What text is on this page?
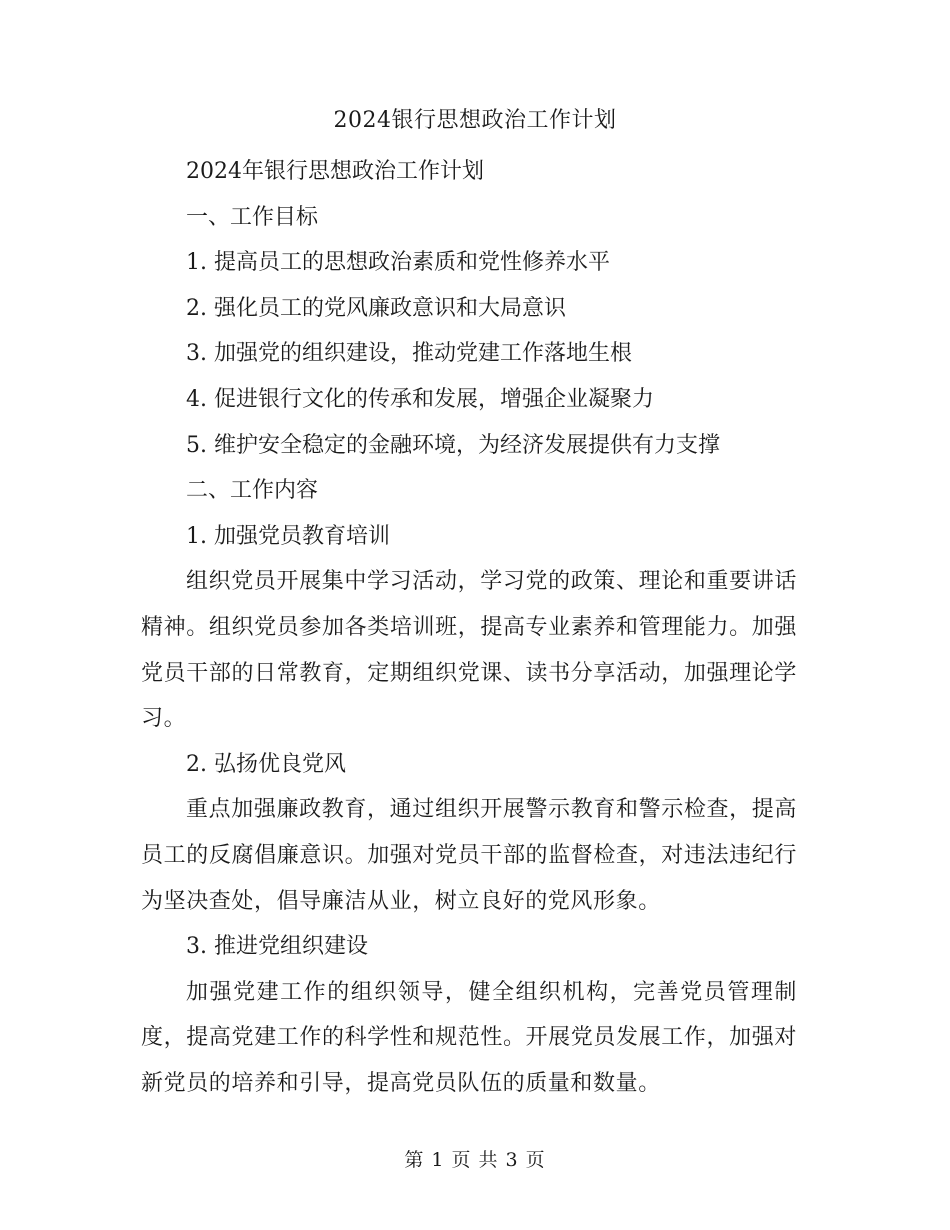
2024银行思想政治工作计划

2024年银行思想政治工作计划

一、工作目标

1. 提高员工的思想政治素质和党性修养水平

2. 强化员工的党风廉政意识和大局意识

3. 加强党的组织建设，推动党建工作落地生根

4. 促进银行文化的传承和发展，增强企业凝聚力

5. 维护安全稳定的金融环境，为经济发展提供有力支撑

二、工作内容

1. 加强党员教育培训

组织党员开展集中学习活动，学习党的政策、理论和重要讲话精神。组织党员参加各类培训班，提高专业素养和管理能力。加强党员干部的日常教育，定期组织党课、读书分享活动，加强理论学习。

2. 弘扬优良党风

重点加强廉政教育，通过组织开展警示教育和警示检查，提高员工的反腐倡廉意识。加强对党员干部的监督检查，对违法违纪行为坚决查处，倡导廉洁从业，树立良好的党风形象。

3. 推进党组织建设

加强党建工作的组织领导，健全组织机构，完善党员管理制度，提高党建工作的科学性和规范性。开展党员发展工作，加强对新党员的培养和引导，提高党员队伍的质量和数量。

第 1 页 共 3 页
